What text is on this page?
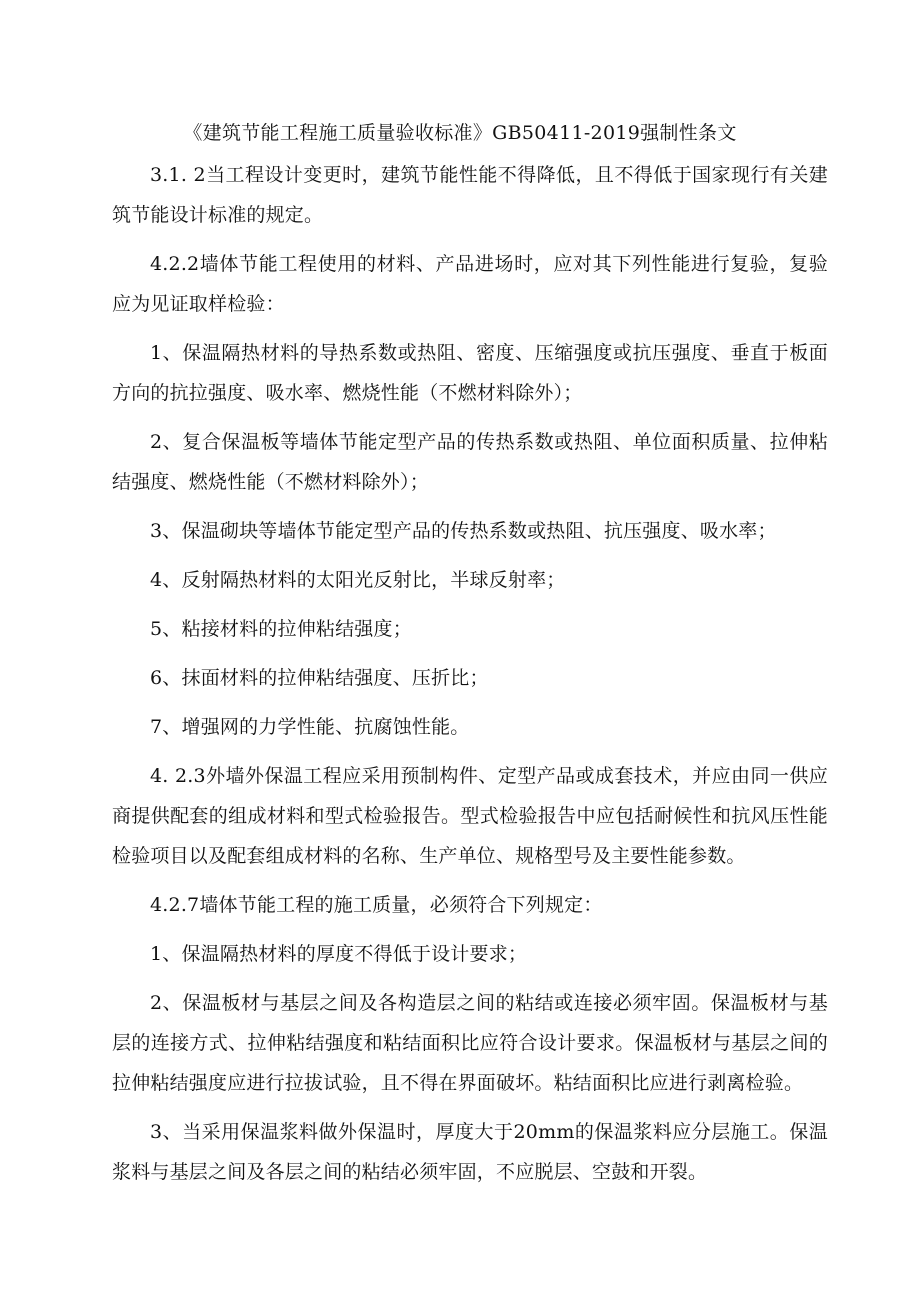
《建筑节能工程施工质量验收标准》GB50411-2019强制性条文

3.1. 2当工程设计变更时，建筑节能性能不得降低，且不得低于国家现行有关建筑节能设计标准的规定。

4.2.2墙体节能工程使用的材料、产品进场时，应对其下列性能进行复验，复验应为见证取样检验：

1、保温隔热材料的导热系数或热阻、密度、压缩强度或抗压强度、垂直于板面方向的抗拉强度、吸水率、燃烧性能（不燃材料除外）；

2、复合保温板等墙体节能定型产品的传热系数或热阻、单位面积质量、拉伸粘结强度、燃烧性能（不燃材料除外）；

3、保温砌块等墙体节能定型产品的传热系数或热阻、抗压强度、吸水率；

4、反射隔热材料的太阳光反射比，半球反射率；

5、粘接材料的拉伸粘结强度；

6、抹面材料的拉伸粘结强度、压折比；

7、增强网的力学性能、抗腐蚀性能。

4. 2.3外墙外保温工程应采用预制构件、定型产品或成套技术，并应由同一供应商提供配套的组成材料和型式检验报告。型式检验报告中应包括耐候性和抗风压性能检验项目以及配套组成材料的名称、生产单位、规格型号及主要性能参数。

4.2.7墙体节能工程的施工质量，必须符合下列规定：

1、保温隔热材料的厚度不得低于设计要求；

2、保温板材与基层之间及各构造层之间的粘结或连接必须牢固。保温板材与基层的连接方式、拉伸粘结强度和粘结面积比应符合设计要求。保温板材与基层之间的拉伸粘结强度应进行拉拔试验，且不得在界面破坏。粘结面积比应进行剥离检验。

3、当采用保温浆料做外保温时，厚度大于20mm的保温浆料应分层施工。保温浆料与基层之间及各层之间的粘结必须牢固，不应脱层、空鼓和开裂。
